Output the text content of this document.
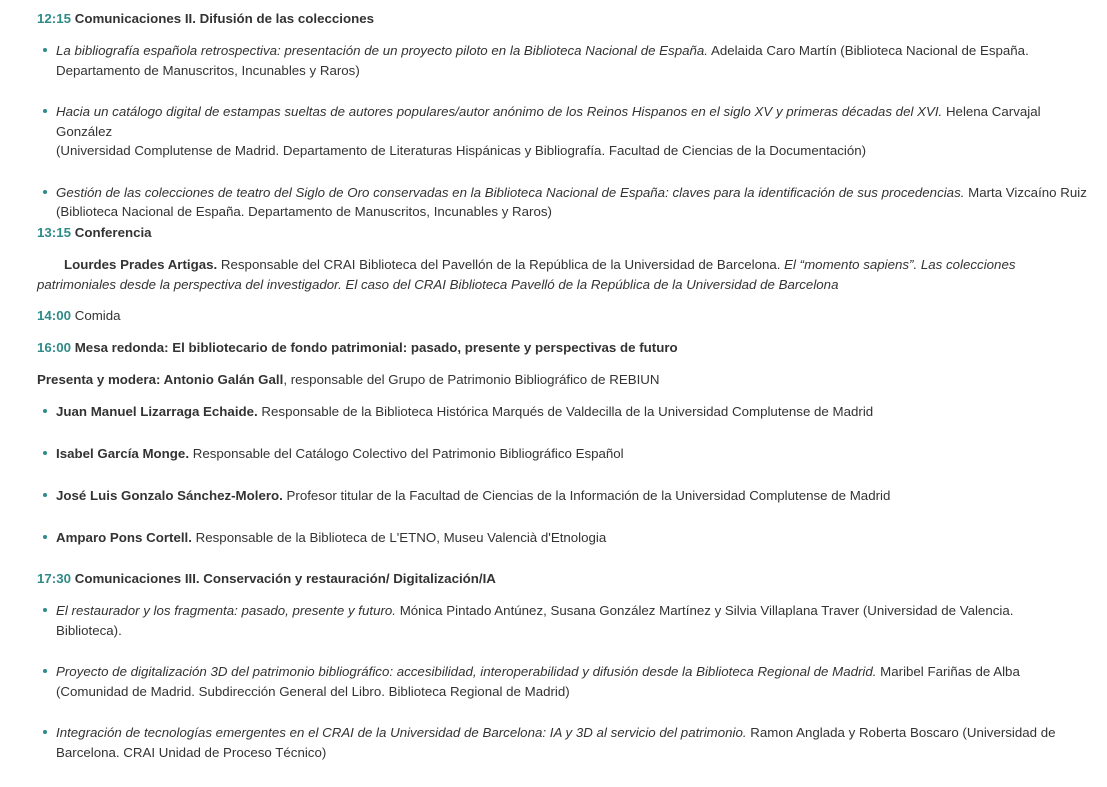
12:15 Comunicaciones II. Difusión de las colecciones
La bibliografía española retrospectiva: presentación de un proyecto piloto en la Biblioteca Nacional de España. Adelaida Caro Martín (Biblioteca Nacional de España.
Departamento de Manuscritos, Incunables y Raros)
Hacia un catálogo digital de estampas sueltas de autores populares/autor anónimo de los Reinos Hispanos en el siglo XV y primeras décadas del XVI. Helena Carvajal González
(Universidad Complutense de Madrid. Departamento de Literaturas Hispánicas y Bibliografía. Facultad de Ciencias de la Documentación)
Gestión de las colecciones de teatro del Siglo de Oro conservadas en la Biblioteca Nacional de España: claves para la identificación de sus procedencias. Marta Vizcaíno Ruiz
(Biblioteca Nacional de España. Departamento de Manuscritos, Incunables y Raros)
13:15 Conferencia
Lourdes Prades Artigas. Responsable del CRAI Biblioteca del Pavellón de la República de la Universidad de Barcelona. El “momento sapiens”. Las colecciones
patrimoniales desde la perspectiva del investigador. El caso del CRAI Biblioteca Pavelló de la República de la Universidad de Barcelona
14:00 Comida
16:00 Mesa redonda: El bibliotecario de fondo patrimonial: pasado, presente y perspectivas de futuro
Presenta y modera: Antonio Galán Gall, responsable del Grupo de Patrimonio Bibliográfico de REBIUN
Juan Manuel Lizarraga Echaide. Responsable de la Biblioteca Histórica Marqués de Valdecilla de la Universidad Complutense de Madrid
Isabel García Monge. Responsable del Catálogo Colectivo del Patrimonio Bibliográfico Español
José Luis Gonzalo Sánchez-Molero. Profesor titular de la Facultad de Ciencias de la Información de la Universidad Complutense de Madrid
Amparo Pons Cortell. Responsable de la Biblioteca de L'ETNO, Museu Valencià d'Etnologia
17:30 Comunicaciones III. Conservación y restauración/ Digitalización/IA
El restaurador y los fragmenta: pasado, presente y futuro. Mónica Pintado Antúnez, Susana González Martínez y Silvia Villaplana Traver (Universidad de Valencia.
Biblioteca).
Proyecto de digitalización 3D del patrimonio bibliográfico: accesibilidad, interoperabilidad y difusión desde la Biblioteca Regional de Madrid. Maribel Fariñas de Alba
(Comunidad de Madrid. Subdirección General del Libro. Biblioteca Regional de Madrid)
Integración de tecnologías emergentes en el CRAI de la Universidad de Barcelona: IA y 3D al servicio del patrimonio. Ramon Anglada y Roberta Boscaro (Universidad de
Barcelona. CRAI Unidad de Proceso Técnico)
